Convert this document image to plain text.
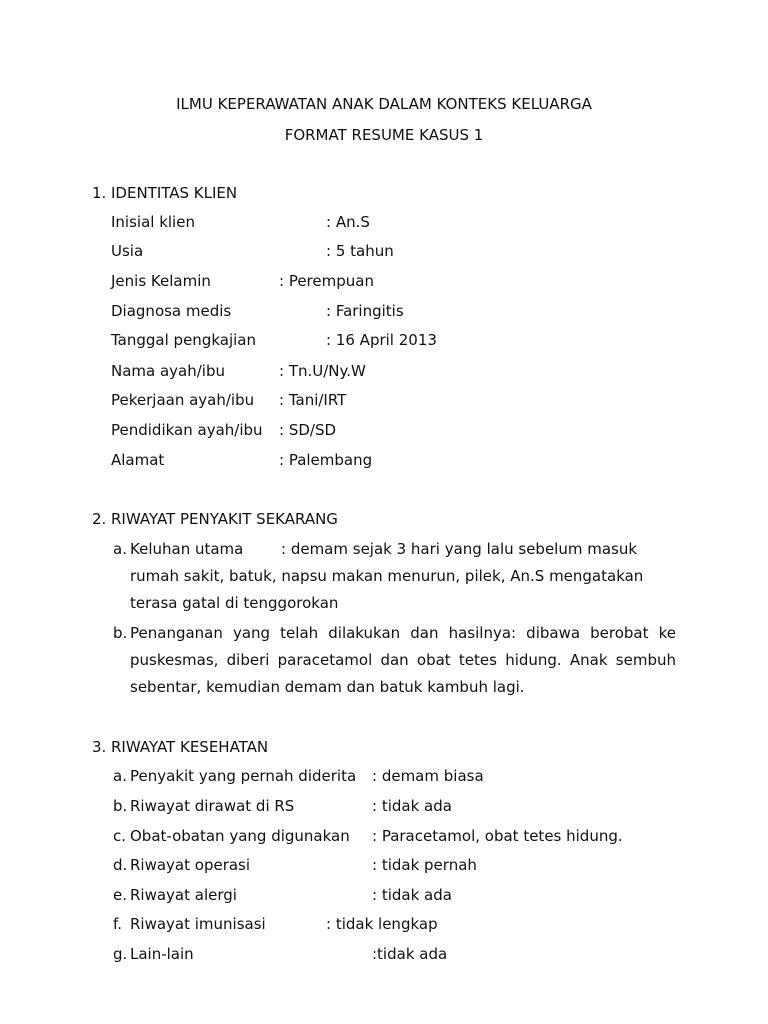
ILMU KEPERAWATAN ANAK DALAM KONTEKS KELUARGA
FORMAT RESUME KASUS 1
1. IDENTITAS KLIEN
Inisial klien	: An.S
Usia	: 5 tahun
Jenis Kelamin	: Perempuan
Diagnosa medis	: Faringitis
Tanggal pengkajian	: 16 April 2013
Nama ayah/ibu	: Tn.U/Ny.W
Pekerjaan ayah/ibu : Tani/IRT
Pendidikan ayah/ibu : SD/SD
Alamat	: Palembang
2. RIWAYAT PENYAKIT SEKARANG
a. Keluhan utama	: demam sejak 3 hari yang lalu sebelum masuk
rumah sakit, batuk, napsu makan menurun, pilek, An.S mengatakan
terasa gatal di tenggorokan
b. Penanganan yang telah dilakukan dan hasilnya: dibawa berobat ke
puskesmas, diberi paracetamol dan obat tetes hidung. Anak sembuh
sebentar, kemudian demam dan batuk kambuh lagi.
3. RIWAYAT KESEHATAN
a. Penyakit yang pernah diderita : demam biasa
b. Riwayat dirawat di RS	: tidak ada
c. Obat-obatan yang digunakan : Paracetamol, obat tetes hidung.
d. Riwayat operasi	: tidak pernah
e. Riwayat alergi	: tidak ada
f. Riwayat imunisasi	: tidak lengkap
g. Lain-lain	:tidak ada
